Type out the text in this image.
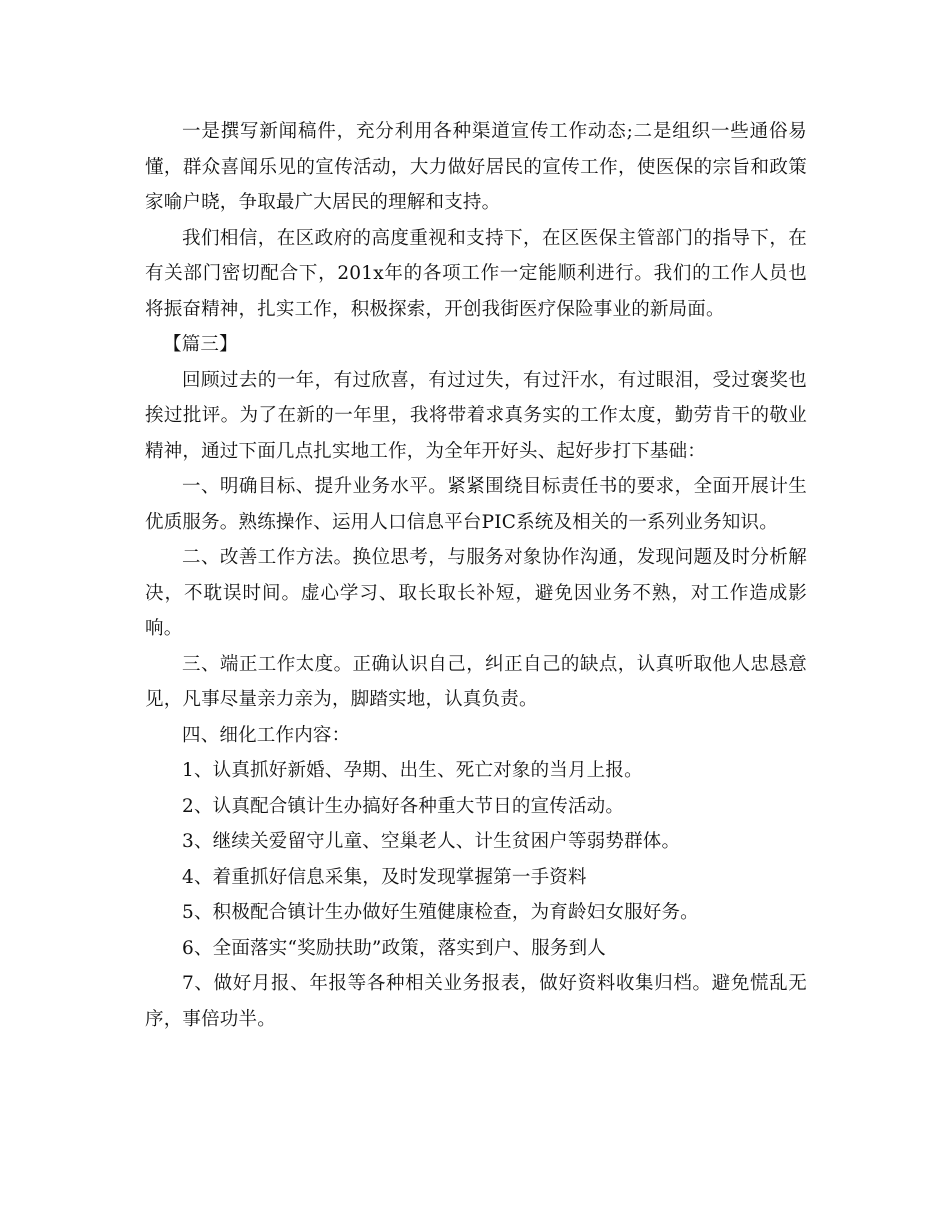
一是撰写新闻稿件，充分利用各种渠道宣传工作动态;二是组织一些通俗易懂，群众喜闻乐见的宣传活动，大力做好居民的宣传工作，使医保的宗旨和政策家喻户晓，争取最广大居民的理解和支持。

我们相信，在区政府的高度重视和支持下，在区医保主管部门的指导下，在有关部门密切配合下，201x年的各项工作一定能顺利进行。我们的工作人员也将振奋精神，扎实工作，积极探索，开创我街医疗保险事业的新局面。

【篇三】

回顾过去的一年，有过欣喜，有过过失，有过汗水，有过眼泪，受过褒奖也挨过批评。为了在新的一年里，我将带着求真务实的工作太度，勤劳肯干的敬业精神，通过下面几点扎实地工作，为全年开好头、起好步打下基础：

一、明确目标、提升业务水平。紧紧围绕目标责任书的要求，全面开展计生优质服务。熟练操作、运用人口信息平台PIC系统及相关的一系列业务知识。

二、改善工作方法。换位思考，与服务对象协作沟通，发现问题及时分析解决，不耽误时间。虚心学习、取长取长补短，避免因业务不熟，对工作造成影响。

三、端正工作太度。正确认识自己，纠正自己的缺点，认真听取他人忠恳意见，凡事尽量亲力亲为，脚踏实地，认真负责。

四、细化工作内容：

1、认真抓好新婚、孕期、出生、死亡对象的当月上报。

2、认真配合镇计生办搞好各种重大节日的宣传活动。

3、继续关爱留守儿童、空巢老人、计生贫困户等弱势群体。

4、着重抓好信息采集，及时发现掌握第一手资料

5、积极配合镇计生办做好生殖健康检查，为育龄妇女服好务。

6、全面落实“奖励扶助”政策，落实到户、服务到人

7、做好月报、年报等各种相关业务报表，做好资料收集归档。避免慌乱无序，事倍功半。
